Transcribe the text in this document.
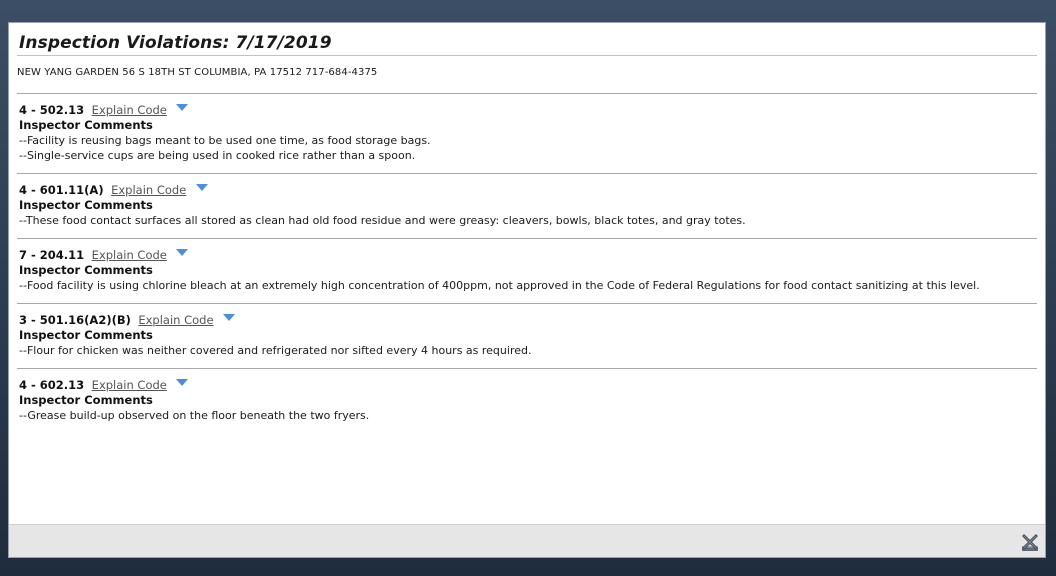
Inspection Violations: 7/17/2019
NEW YANG GARDEN 56 S 18TH ST COLUMBIA, PA 17512 717-684-4375
4 - 502.13 Explain Code
Inspector Comments
--Facility is reusing bags meant to be used one time, as food storage bags.
--Single-service cups are being used in cooked rice rather than a spoon.
4 - 601.11(A) Explain Code
Inspector Comments
--These food contact surfaces all stored as clean had old food residue and were greasy: cleavers, bowls, black totes, and gray totes.
7 - 204.11 Explain Code
Inspector Comments
--Food facility is using chlorine bleach at an extremely high concentration of 400ppm, not approved in the Code of Federal Regulations for food contact sanitizing at this level.
3 - 501.16(A2)(B) Explain Code
Inspector Comments
--Flour for chicken was neither covered and refrigerated nor sifted every 4 hours as required.
4 - 602.13 Explain Code
Inspector Comments
--Grease build-up observed on the floor beneath the two fryers.
